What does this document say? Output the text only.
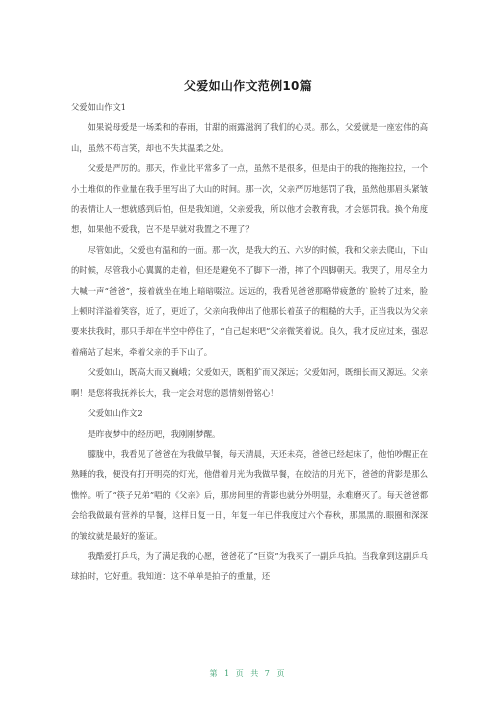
父爱如山作文范例10篇

父爱如山作文1

如果说母爱是一场柔和的春雨，甘甜的雨露滋润了我们的心灵。那么，父爱就是一座宏伟的高山，虽然不苟言笑，却也不失其温柔之处。

父爱是严厉的。那天，作业比平常多了一点，虽然不是很多，但是由于的我的拖拖拉拉，一个小土堆似的作业量在我手里写出了大山的时间。那一次，父亲严厉地惩罚了我，虽然他那眉头紧皱的表情让人一想就感到后怕，但是我知道，父亲爱我，所以他才会教育我，才会惩罚我。换个角度想，如果他不爱我，岂不是早就对我置之不理了？

尽管如此，父爱也有温和的一面。那一次，是我大约五、六岁的时候，我和父亲去爬山，下山的时候，尽管我小心翼翼的走着，但还是避免不了脚下一滑，摔了个四脚朝天。我哭了，用尽全力大喊一声“爸爸”，接着就坐在地上暗暗啜泣。远远的，我看见爸爸那略带疲惫的`脸转了过来，脸上顿时洋溢着笑容，近了，更近了，父亲向我伸出了他那长着茧子的粗糙的大手，正当我以为父亲要来扶我时，那只手却在半空中停住了，“自己起来吧”父亲微笑着说。良久，我才反应过来，强忍着痛站了起来，牵着父亲的手下山了。

父爱如山，既高大而又巍峨；父爱如天，既粗犷而又深远；父爱如河，既细长而又源远。父亲啊！是您将我抚养长大，我一定会对您的恩情刻骨铭心！

父爱如山作文2

是昨夜梦中的经历吧，我刚刚梦醒。

朦胧中，我看见了爸爸在为我做早餐，每天清晨，天还未亮，爸爸已经起床了，他怕吵醒正在熟睡的我，便没有打开明亮的灯光，他借着月光为我做早餐，在皎洁的月光下，爸爸的背影是那么憔悴。听了“筷子兄弟”唱的《父亲》后，那房间里的背影也就分外明显，永难磨灭了。每天爸爸都会给我做最有营养的早餐，这样日复一日，年复一年已伴我度过六个春秋，那黑黑的.眼圈和深深的皱纹就是最好的鉴证。

我酷爱打乒乓，为了满足我的心愿，爸爸花了“巨资”为我买了一副乒乓拍。当我拿到这副乒乓球拍时，它好重。我知道：这不单单是拍子的重量，还

第 1 页 共 7 页
